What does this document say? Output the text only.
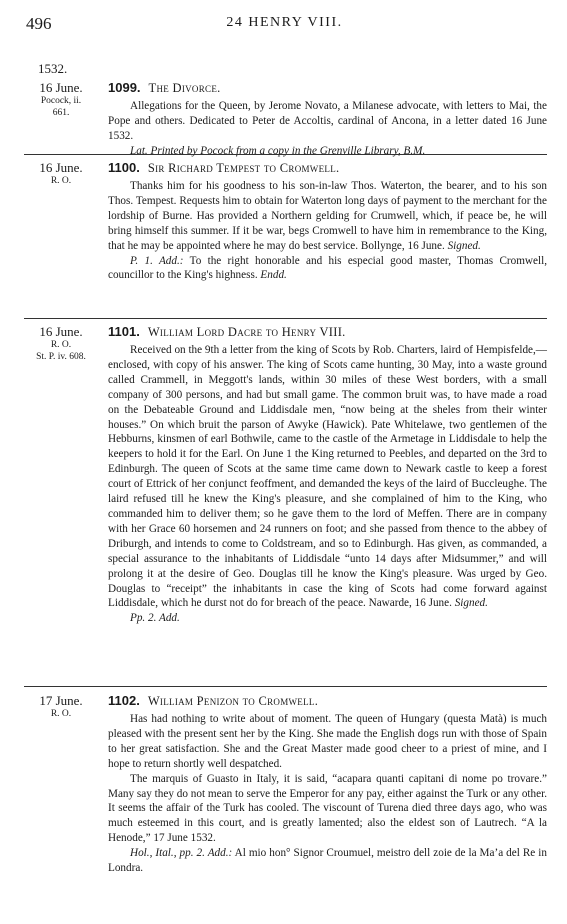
496	24 HENRY VIII.
1532.
16 June.
Pocock, ii.
661.
1099. The Divorce.

Allegations for the Queen, by Jerome Novato, a Milanese advocate, with letters to Mai, the Pope and others. Dedicated to Peter de Accoltis, cardinal of Ancona, in a letter dated 16 June 1532.

Lat. Printed by Pocock from a copy in the Grenville Library, B.M.
16 June.
R. O.
1100. Sir Richard Tempest to Cromwell.

Thanks him for his goodness to his son-in-law Thos. Waterton, the bearer, and to his son Thos. Tempest. Requests him to obtain for Waterton long days of payment to the merchant for the lordship of Burne. Has provided a Northern gelding for Crumwell, which, if peace be, he will bring himself this summer. If it be war, begs Cromwell to have him in remembrance to the King, that he may be appointed where he may do best service. Bollynge, 16 June. Signed.

P. 1. Add.: To the right honorable and his especial good master, Thomas Cromwell, councillor to the King's highness. Endd.
16 June.
R. O.
St. P. iv. 608.
1101. William Lord Dacre to Henry VIII.

Received on the 9th a letter from the king of Scots by Rob. Charters, laird of Hempisfelde,—enclosed, with copy of his answer. The king of Scots came hunting, 30 May, into a waste ground called Crammell, in Meggott's lands, within 30 miles of these West borders, with a small company of 300 persons, and had but small game. The common bruit was, to have made a road on the Debateable Ground and Liddisdale men, “now being at the sheles from their winter houses.” On which bruit the parson of Awyke (Hawick). Pate Whitelawe, two gentlemen of the Hebburns, kinsmen of earl Bothwile, came to the castle of the Armetage in Liddisdale to help the keepers to hold it for the Earl. On June 1 the King returned to Peebles, and departed on the 3rd to Edinburgh. The queen of Scots at the same time came down to Newark castle to keep a forest court of Ettrick of her conjunct feoffment, and demanded the keys of the laird of Buccleughe. The laird refused till he knew the King's pleasure, and she complained of him to the King, who commanded him to deliver them; so he gave them to the lord of Meffen. There are in company with her Grace 60 horsemen and 24 runners on foot; and she passed from thence to the abbey of Driburgh, and intends to come to Coldstream, and so to Edinburgh. Has given, as commanded, a special assurance to the inhabitants of Liddisdale “unto 14 days after Midsummer,” and will prolong it at the desire of Geo. Douglas till he know the King's pleasure. Was urged by Geo. Douglas to “receipt” the inhabitants in case the king of Scots had come forward against Liddisdale, which he durst not do for breach of the peace. Nawarde, 16 June. Signed.

Pp. 2. Add.
17 June.
R. O.
1102. William Penizon to Cromwell.

Has had nothing to write about of moment. The queen of Hungary (questa Matà) is much pleased with the present sent her by the King. She made the English dogs run with those of Spain to her great satisfaction. She and the Great Master made good cheer to a priest of mine, and I hope to return shortly well despatched.

The marquis of Guasto in Italy, it is said, “acapara quanti capitani di nome po trovare.” Many say they do not mean to serve the Emperor for any pay, either against the Turk or any other. It seems the affair of the Turk has cooled. The viscount of Turena died three days ago, who was much esteemed in this court, and is greatly lamented; also the eldest son of Lautrech. “A la Henode,” 17 June 1532.

Hol., Ital., pp. 2. Add.: Al mio hon° Signor Croumuel, meistro dell zoie de la Ma’a del Re in Londra.
